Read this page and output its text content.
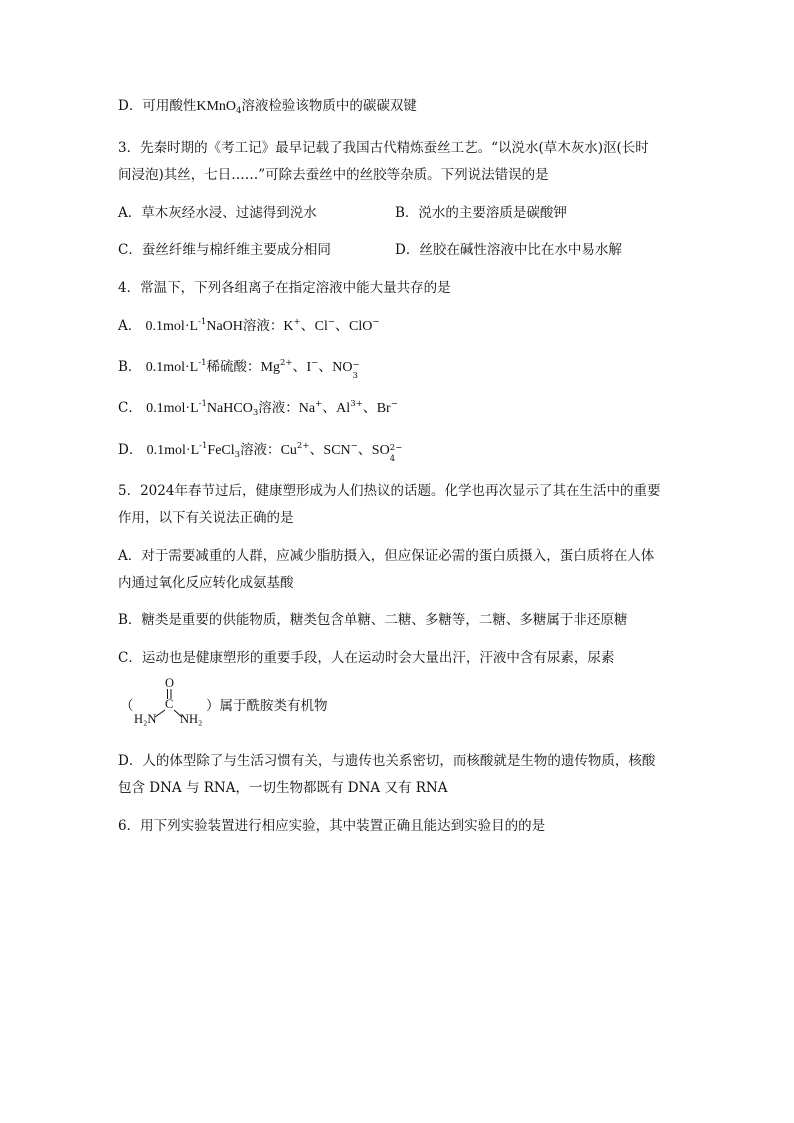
D．可用酸性KMnO$_4$溶液检验该物质中的碳碳双键
3．先秦时期的《考工记》最早记载了我国古代精炼蚕丝工艺。“以涚水(草木灰水)沤(长时
间浸泡)其丝，七日……”可除去蚕丝中的丝胶等杂质。下列说法错误的是
A．草木灰经水浸、过滤得到涚水	B．涚水的主要溶质是碳酸钾
C．蚕丝纤维与棉纤维主要成分相同	D．丝胶在碱性溶液中比在水中易水解
4．常温下，下列各组离子在指定溶液中能大量共存的是
A． $0.1mol\cdot L^{-1}NaOH$溶液：K+、Cl−、ClO−
B． $0.1mol\cdot L^{-1}$稀硫酸：$Mg^{2+}$、I−、NO −
3
C． $0.1mol\cdot L^{-1}NaHCO_3$溶液：Na+、$Al^{3+}$、Br−
D． $0.1mol\cdot L^{-1}FeCl_3$溶液：$Cu^{2+}$、SCN−、SO 2−
4
5．2024年春节过后，健康塑形成为人们热议的话题。化学也再次显示了其在生活中的重要
作用，以下有关说法正确的是
A．对于需要减重的人群，应减少脂肪摄入，但应保证必需的蛋白质摄入，蛋白质将在人体
内通过氧化反应转化成氨基酸
B．糖类是重要的供能物质，糖类包含单糖、二糖、多糖等，二糖、多糖属于非还原糖
C．运动也是健康塑形的重要手段，人在运动时会大量出汗，汗液中含有尿素，尿素
（
O
C
H₂N NH₂
）属于酰胺类有机物
D．人的体型除了与生活习惯有关，与遗传也关系密切，而核酸就是生物的遗传物质，核酸
包含 DNA 与 RNA，一切生物都既有 DNA 又有 RNA
6．用下列实验装置进行相应实验，其中装置正确且能达到实验目的的是
